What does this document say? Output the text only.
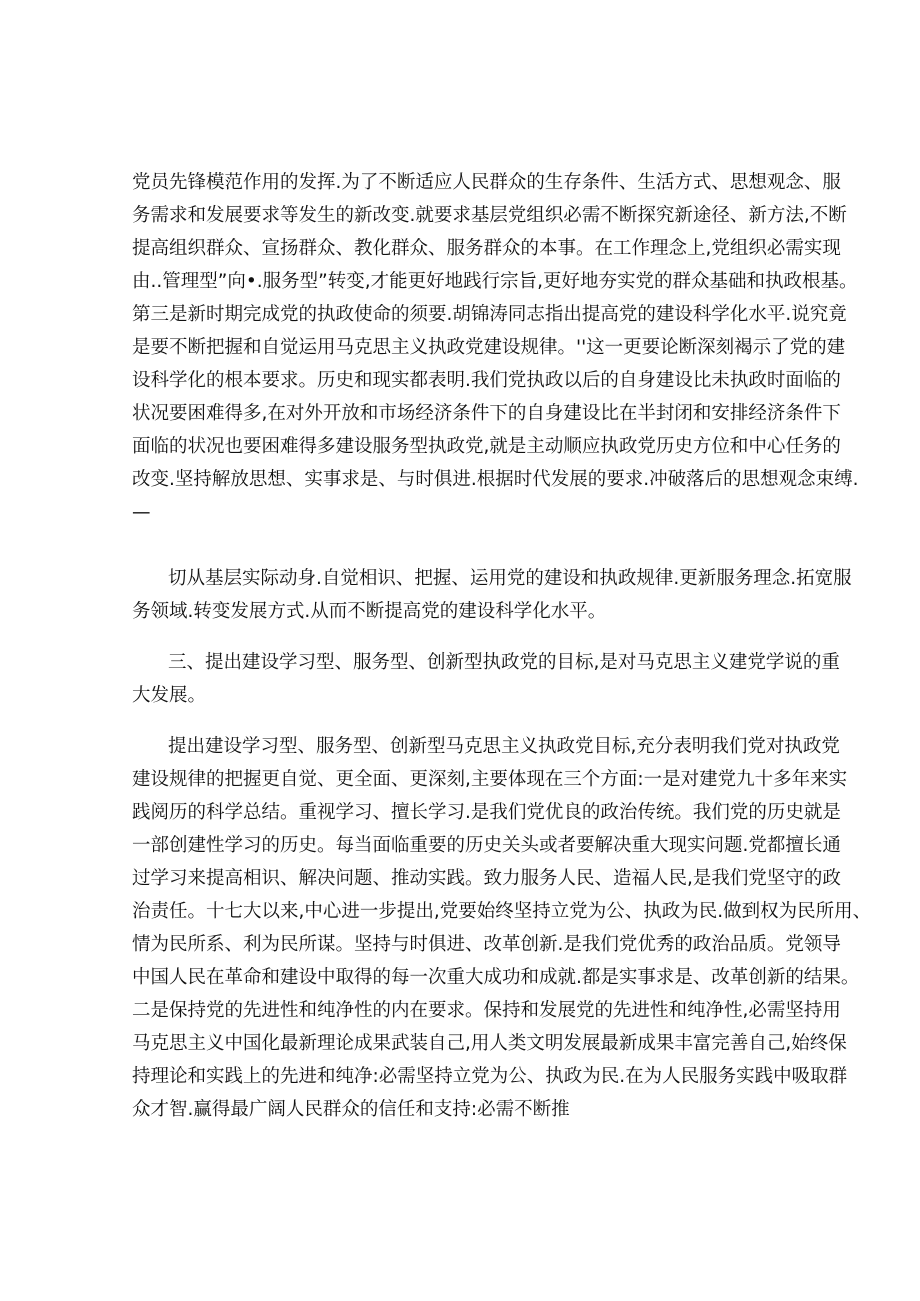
党员先锋模范作用的发挥.为了不断适应人民群众的生存条件、生活方式、思想观念、服
务需求和发展要求等发生的新改变.就要求基层党组织必需不断探究新途径、新方法,不断
提高组织群众、宣扬群众、教化群众、服务群众的本事。在工作理念上,党组织必需实现
由..管理型”向•.服务型”转变,才能更好地践行宗旨,更好地夯实党的群众基础和执政根基。
第三是新时期完成党的执政使命的须要.胡锦涛同志指出提高党的建设科学化水平.说究竟
是要不断把握和自觉运用马克思主义执政党建设规律。''这一更要论断深刻褐示了党的建
设科学化的根本要求。历史和现实都表明.我们党执政以后的自身建设比未执政时面临的
状况要困难得多,在对外开放和市场经济条件下的自身建设比在半封闭和安排经济条件下
面临的状况也要困难得多建设服务型执政党,就是主动顺应执政党历史方位和中心任务的
改变.坚持解放思想、实事求是、与时俱进.根据时代发展的要求.冲破落后的思想观念束缚.
—
切从基层实际动身.自觉相识、把握、运用党的建设和执政规律.更新服务理念.拓宽服
务领域.转变发展方式.从而不断提高党的建设科学化水平。
三、提出建设学习型、服务型、创新型执政党的目标,是对马克思主义建党学说的重
大发展。
提出建设学习型、服务型、创新型马克思主义执政党目标,充分表明我们党对执政党
建设规律的把握更自觉、更全面、更深刻,主要体现在三个方面:一是对建党九十多年来实
践阅历的科学总结。重视学习、擅长学习.是我们党优良的政治传统。我们党的历史就是
一部创建性学习的历史。每当面临重要的历史关头或者要解决重大现实问题.党都擅长通
过学习来提高相识、解决问题、推动实践。致力服务人民、造福人民,是我们党坚守的政
治责任。十七大以来,中心进一步提出,党要始终坚持立党为公、执政为民.做到权为民所用、
情为民所系、利为民所谋。坚持与时俱进、改革创新.是我们党优秀的政治品质。党领导
中国人民在革命和建设中取得的每一次重大成功和成就.都是实事求是、改革创新的结果。
二是保持党的先进性和纯净性的内在要求。保持和发展党的先进性和纯净性,必需坚持用
马克思主义中国化最新理论成果武装自己,用人类文明发展最新成果丰富完善自己,始终保
持理论和实践上的先进和纯净:必需坚持立党为公、执政为民.在为人民服务实践中吸取群
众才智.赢得最广阔人民群众的信任和支持:必需不断推
